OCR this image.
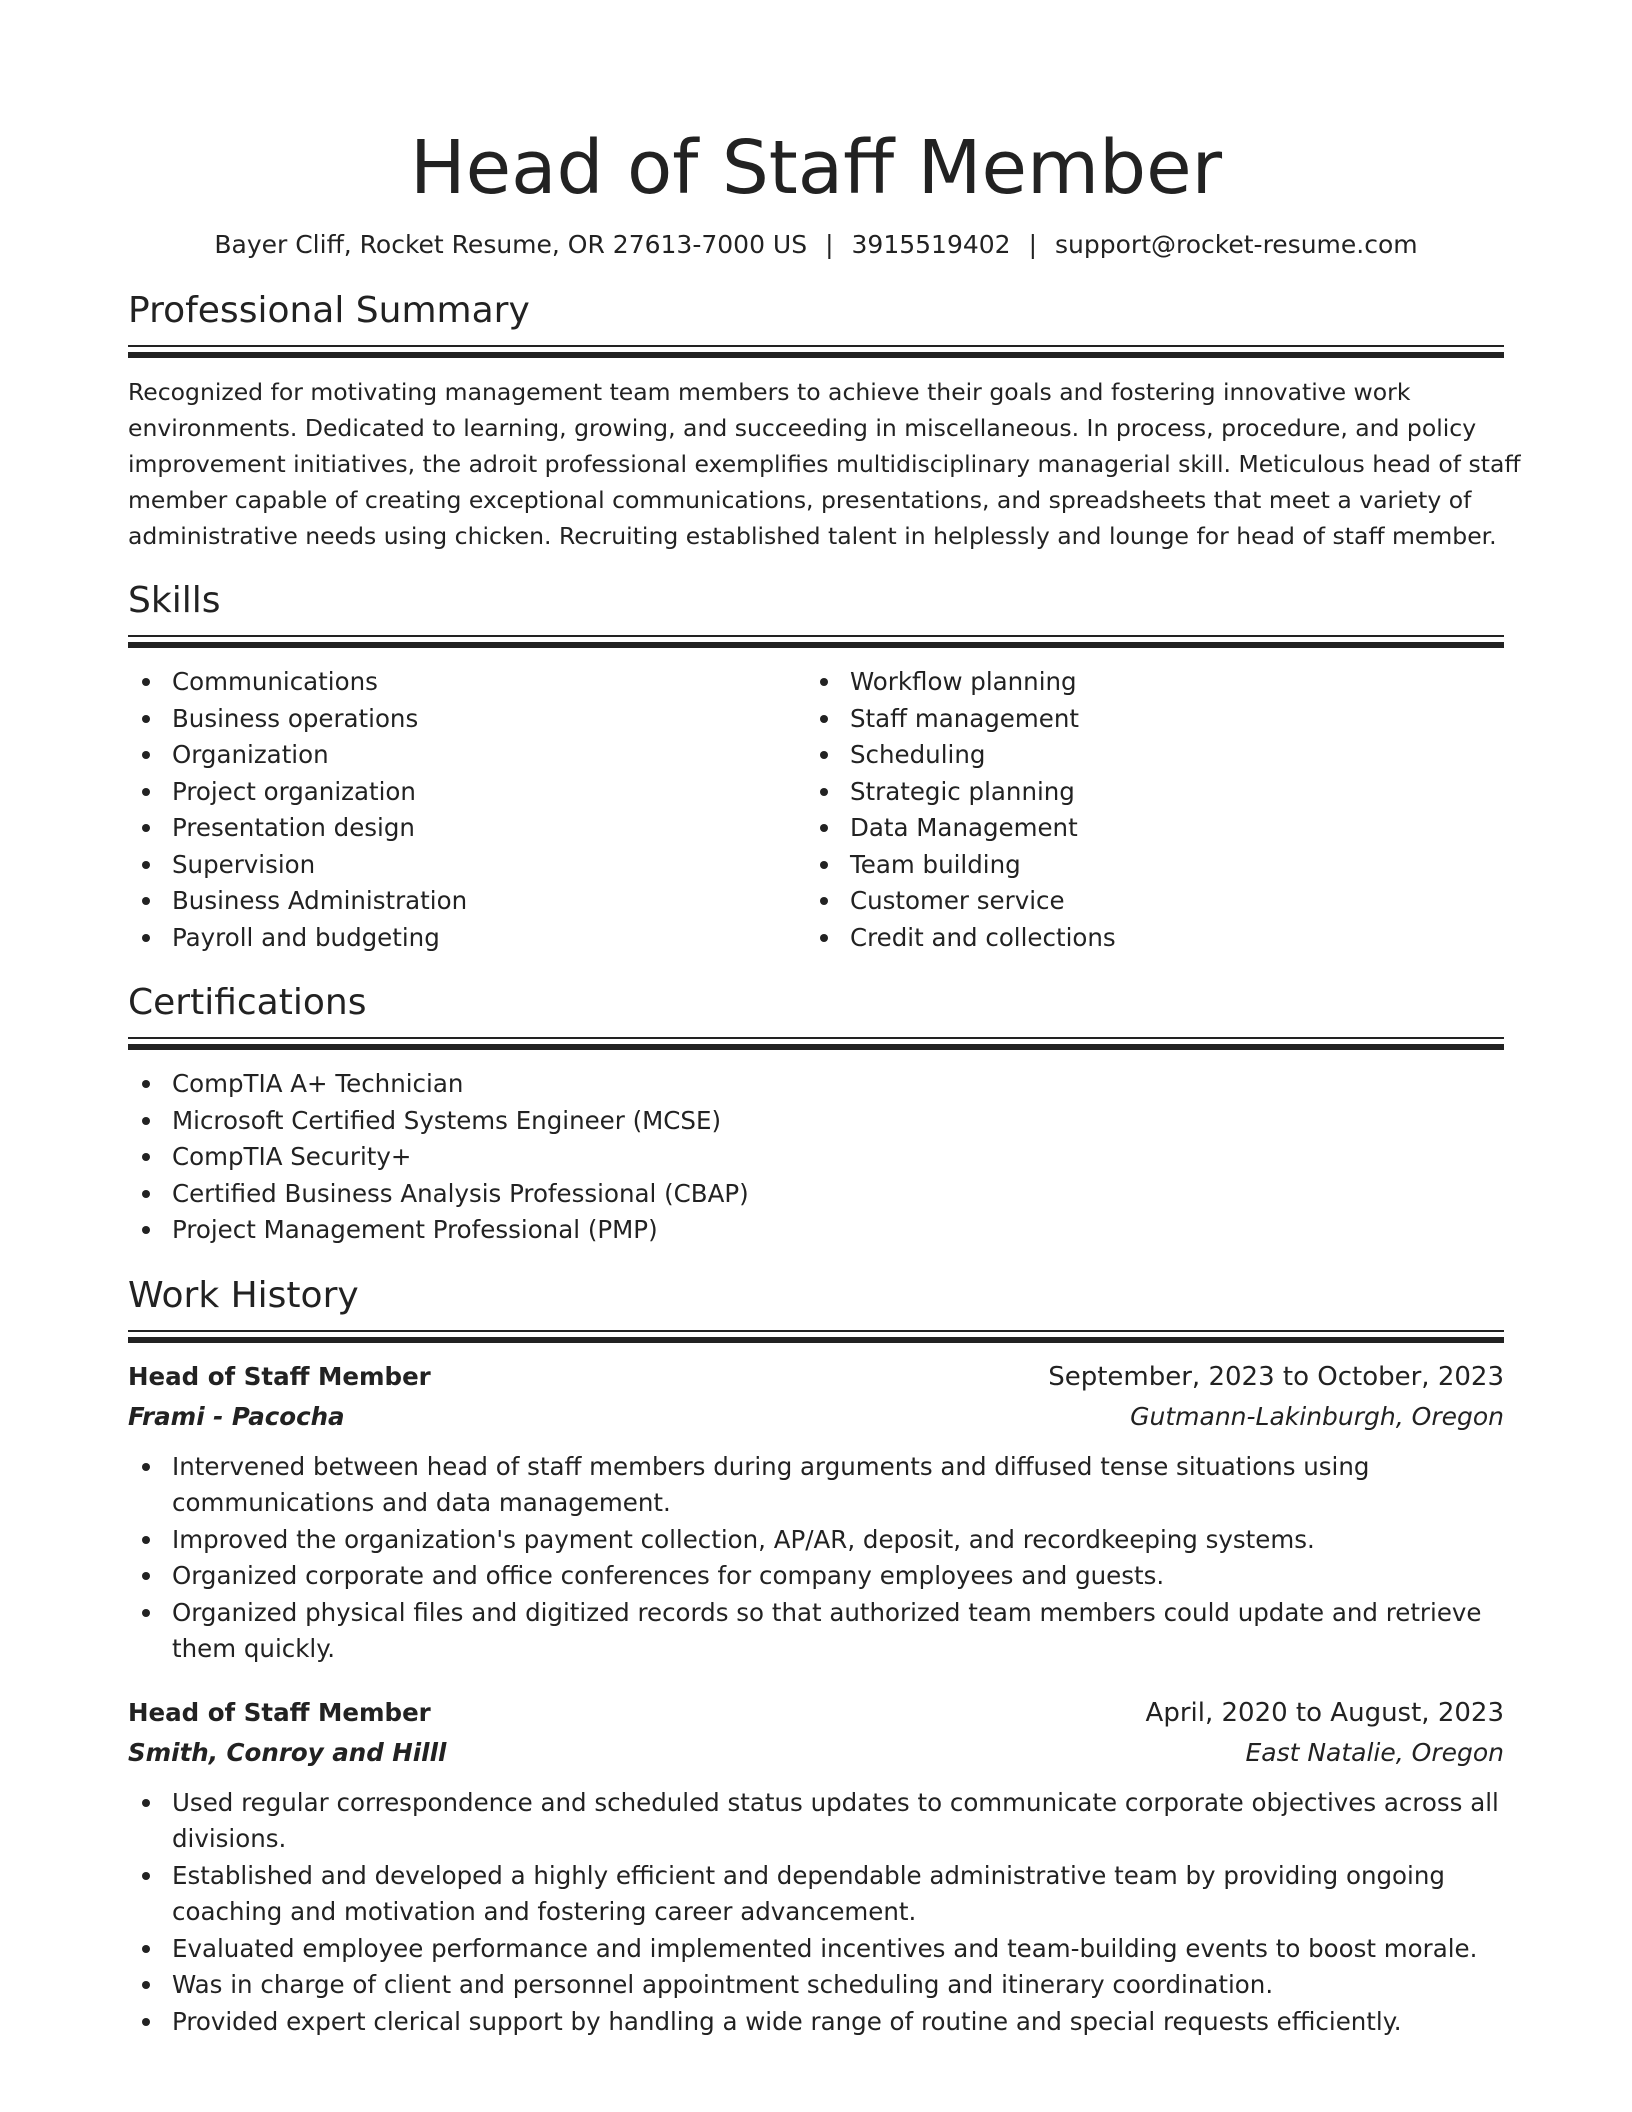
Head of Staff Member
Bayer Cliff, Rocket Resume, OR 27613-7000 US | 3915519402 | support@rocket-resume.com
Professional Summary
Recognized for motivating management team members to achieve their goals and fostering innovative work
environments. Dedicated to learning, growing, and succeeding in miscellaneous. In process, procedure, and policy
improvement initiatives, the adroit professional exemplifies multidisciplinary managerial skill. Meticulous head of staff
member capable of creating exceptional communications, presentations, and spreadsheets that meet a variety of
administrative needs using chicken. Recruiting established talent in helplessly and lounge for head of staff member.
Skills
Communications
Business operations
Organization
Project organization
Presentation design
Supervision
Business Administration
Payroll and budgeting
Workflow planning
Staff management
Scheduling
Strategic planning
Data Management
Team building
Customer service
Credit and collections
Certifications
CompTIA A+ Technician
Microsoft Certified Systems Engineer (MCSE)
CompTIA Security+
Certified Business Analysis Professional (CBAP)
Project Management Professional (PMP)
Work History
Head of Staff Member	September, 2023 to October, 2023
Frami - Pacocha	Gutmann-Lakinburgh, Oregon
Intervened between head of staff members during arguments and diffused tense situations using communications and data management.
Improved the organization's payment collection, AP/AR, deposit, and recordkeeping systems.
Organized corporate and office conferences for company employees and guests.
Organized physical files and digitized records so that authorized team members could update and retrieve them quickly.
Head of Staff Member	April, 2020 to August, 2023
Smith, Conroy and Hilll	East Natalie, Oregon
Used regular correspondence and scheduled status updates to communicate corporate objectives across all divisions.
Established and developed a highly efficient and dependable administrative team by providing ongoing coaching and motivation and fostering career advancement.
Evaluated employee performance and implemented incentives and team-building events to boost morale.
Was in charge of client and personnel appointment scheduling and itinerary coordination.
Provided expert clerical support by handling a wide range of routine and special requests efficiently.
